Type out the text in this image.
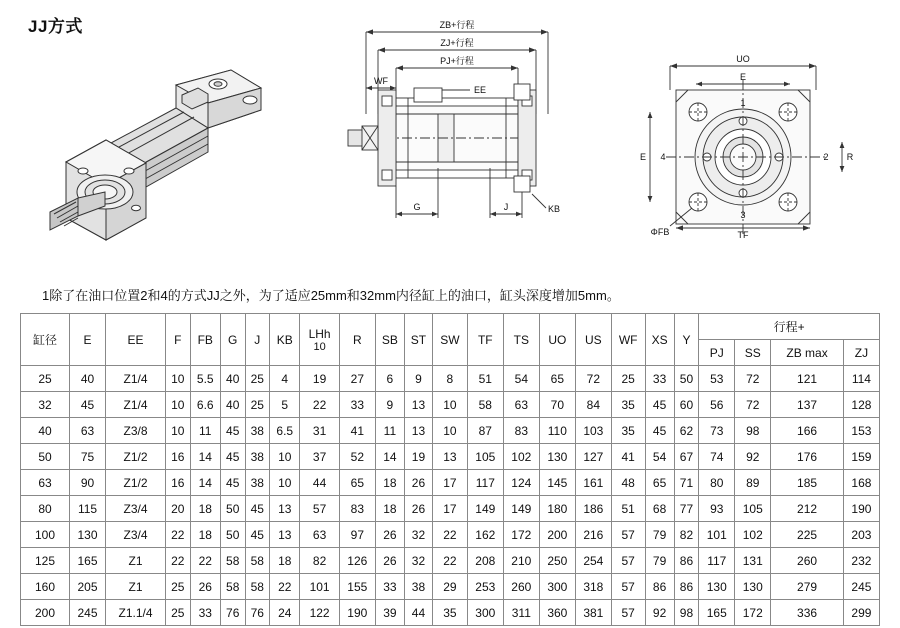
JJ方式	ZB+行程
ZJ+行程
PJ+行程
WF
EE
G	J	KB
UO
E
1
2
3
4
E	R
TF
ΦFB
1除了在油口位置2和4的方式JJ之外，为了适应25mm和32mm内径缸上的油口，缸头深度增加5mm。
缸径	E	EE	F	FB	G	J	KB	LHh
10	R	SB	ST	SW	TF	TS	UO	US	WF	XS	Y	行程+			
																				PJ	SS	ZB max	ZJ
25	40	Z1/4	10	5.5	40	25	4	19	27	6	9	8	51	54	65	72	25	33	50	53	72	121	114
32	45	Z1/4	10	6.6	40	25	5	22	33	9	13	10	58	63	70	84	35	45	60	56	72	137	128
40	63	Z3/8	10	11	45	38	6.5	31	41	11	13	10	87	83	110	103	35	45	62	73	98	166	153
50	75	Z1/2	16	14	45	38	10	37	52	14	19	13	105	102	130	127	41	54	67	74	92	176	159
63	90	Z1/2	16	14	45	38	10	44	65	18	26	17	117	124	145	161	48	65	71	80	89	185	168
80	115	Z3/4	20	18	50	45	13	57	83	18	26	17	149	149	180	186	51	68	77	93	105	212	190
100	130	Z3/4	22	18	50	45	13	63	97	26	32	22	162	172	200	216	57	79	82	101	102	225	203
125	165	Z1	22	22	58	58	18	82	126	26	32	22	208	210	250	254	57	79	86	117	131	260	232
160	205	Z1	25	26	58	58	22	101	155	33	38	29	253	260	300	318	57	86	86	130	130	279	245
200	245	Z1.1/4	25	33	76	76	24	122	190	39	44	35	300	311	360	381	57	92	98	165	172	336	299
